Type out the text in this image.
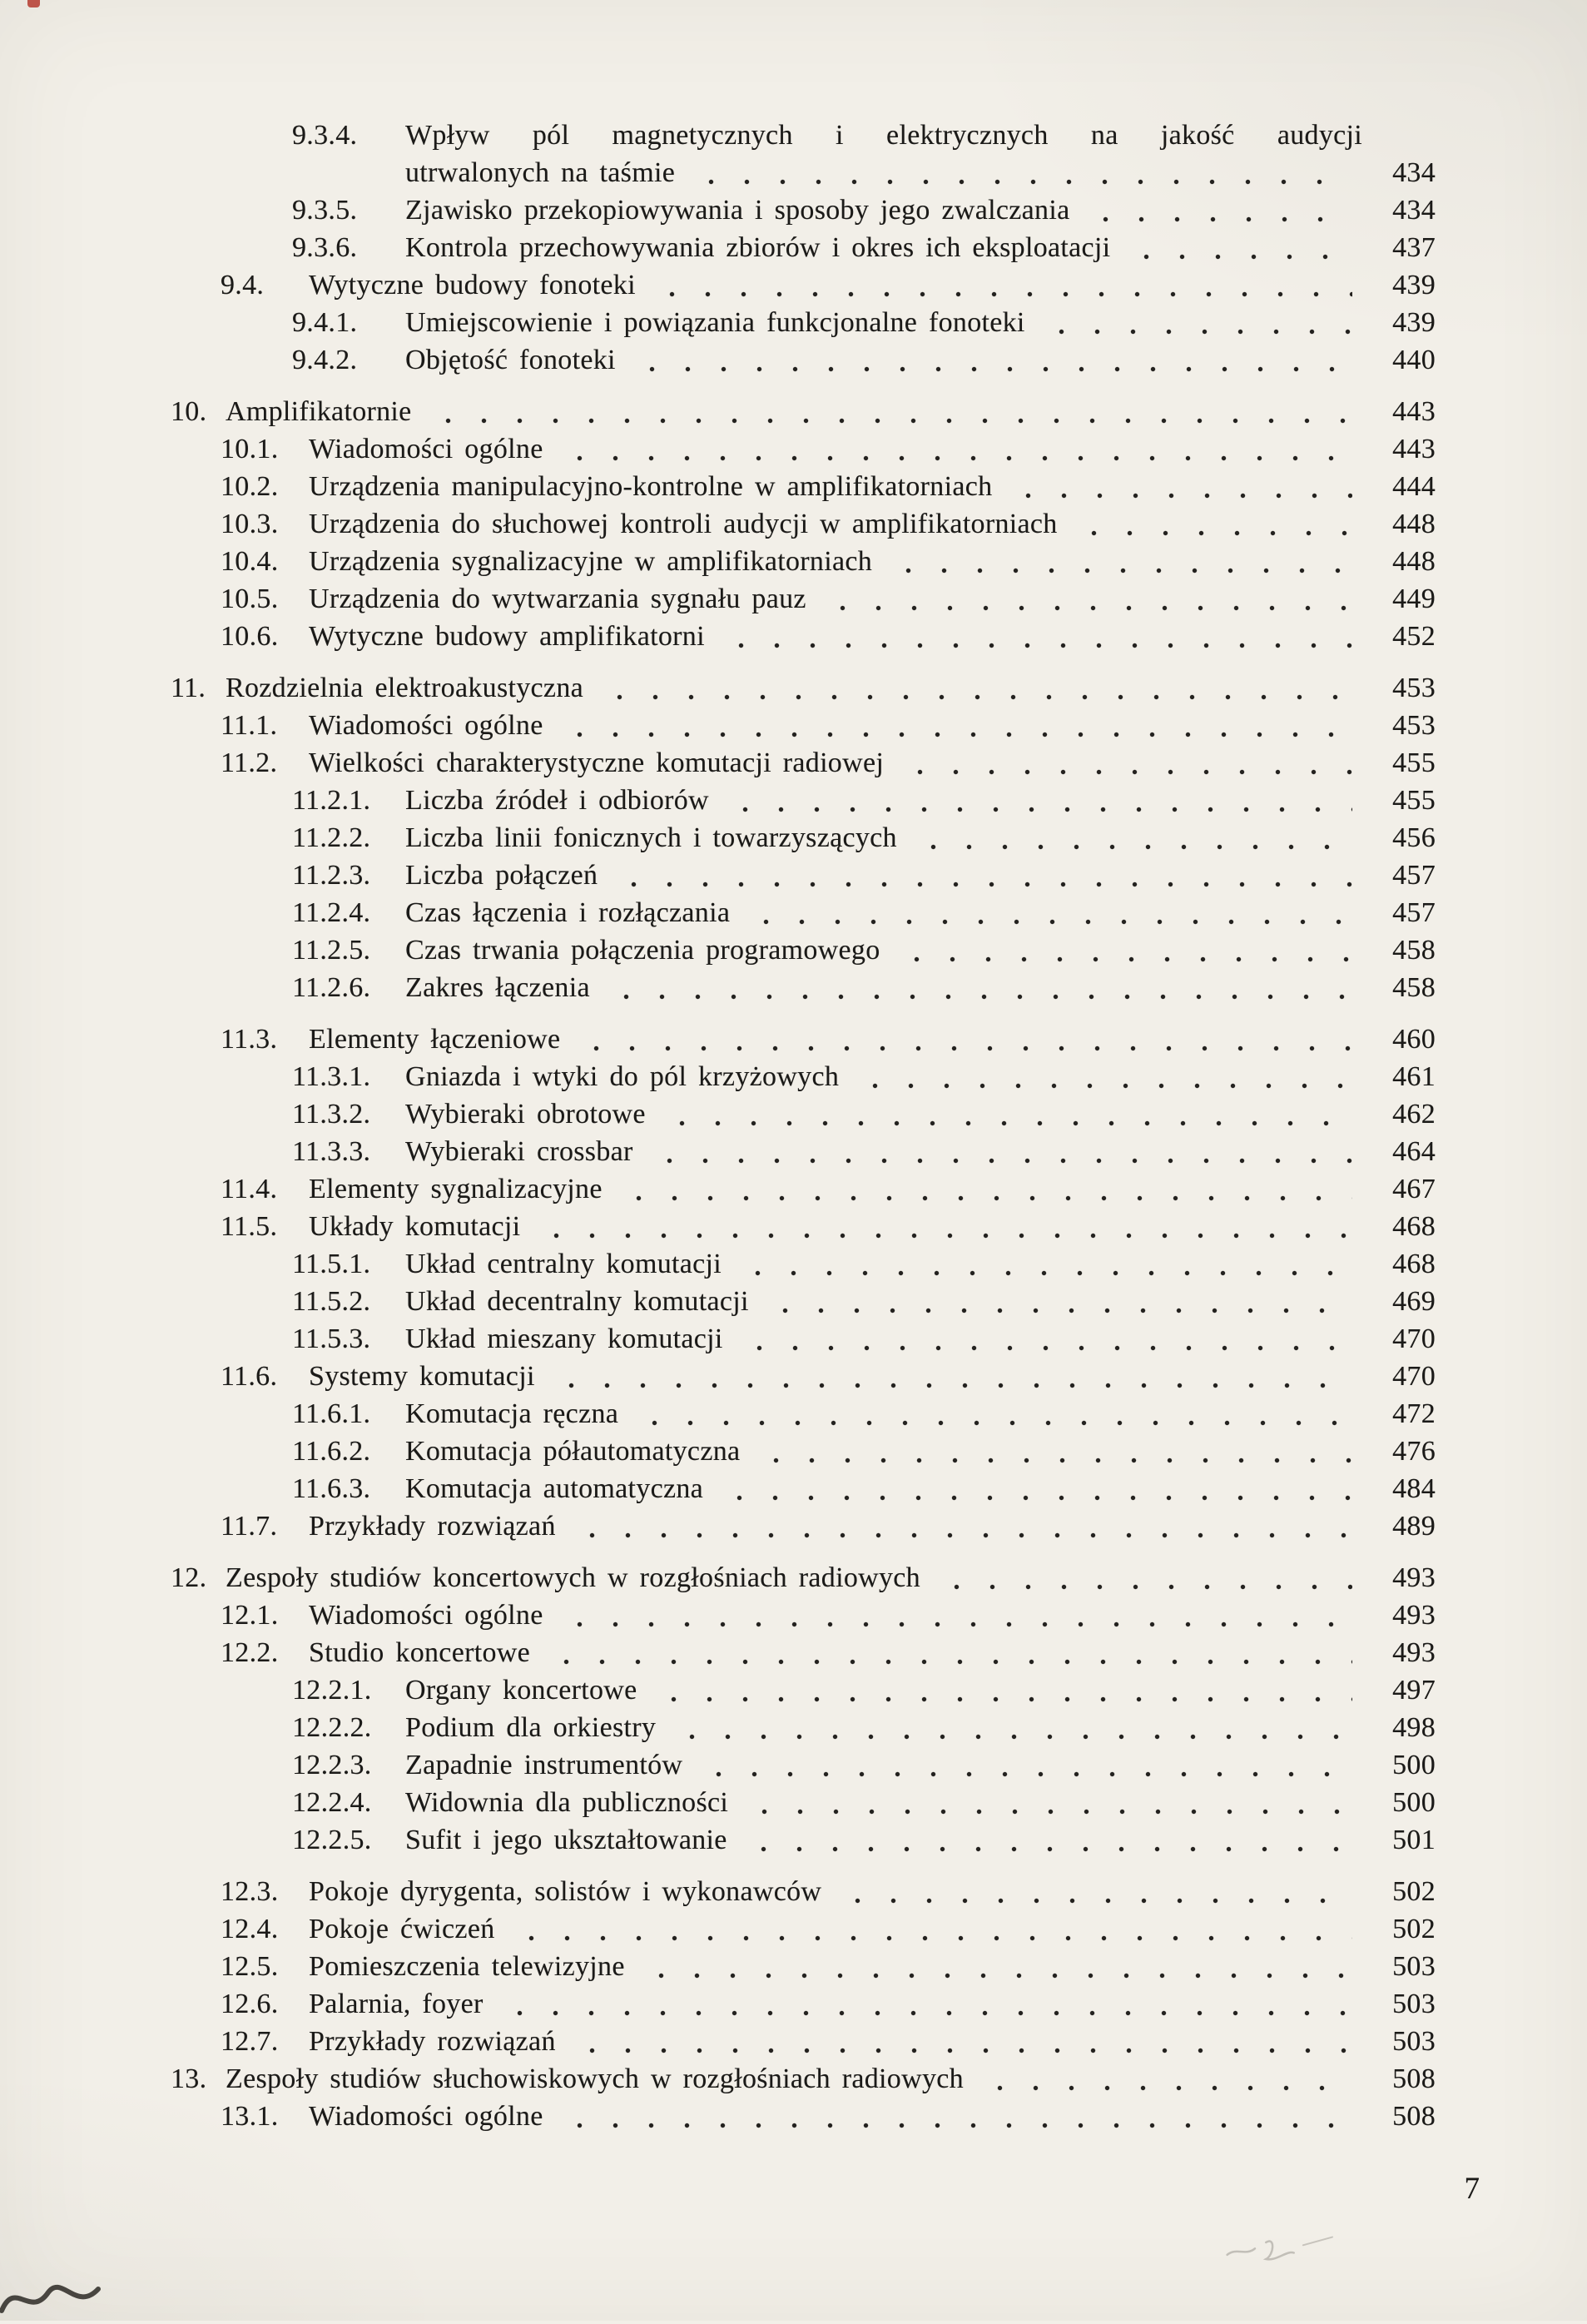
9.3.4.	Wpływ pól magnetycznych i elektrycznych na jakość audycji
utrwalonych na taśmie	434
9.3.5.	Zjawisko przekopiowywania i sposoby jego zwalczania	434
9.3.6.	Kontrola przechowywania zbiorów i okres ich eksploatacji	437
9.4.	Wytyczne budowy fonoteki	439
9.4.1.	Umiejscowienie i powiązania funkcjonalne fonoteki	439
9.4.2.	Objętość fonoteki	440
10. Amplifikatornie	443
10.1.	Wiadomości ogólne	443
10.2.	Urządzenia manipulacyjno-kontrolne w amplifikatorniach	444
10.3.	Urządzenia do słuchowej kontroli audycji w amplifikatorniach	448
10.4.	Urządzenia sygnalizacyjne w amplifikatorniach	448
10.5.	Urządzenia do wytwarzania sygnału pauz	449
10.6.	Wytyczne budowy amplifikatorni	452
11. Rozdzielnia elektroakustyczna	453
11.1.	Wiadomości ogólne	453
11.2.	Wielkości charakterystyczne komutacji radiowej	455
11.2.1.	Liczba źródeł i odbiorów	455
11.2.2.	Liczba linii fonicznych i towarzyszących	456
11.2.3.	Liczba połączeń	457
11.2.4.	Czas łączenia i rozłączania	457
11.2.5.	Czas trwania połączenia programowego	458
11.2.6.	Zakres łączenia	458
11.3.	Elementy łączeniowe	460
11.3.1.	Gniazda i wtyki do pól krzyżowych	461
11.3.2.	Wybieraki obrotowe	462
11.3.3.	Wybieraki crossbar	464
11.4.	Elementy sygnalizacyjne	467
11.5.	Układy komutacji	468
11.5.1.	Układ centralny komutacji	468
11.5.2.	Układ decentralny komutacji	469
11.5.3.	Układ mieszany komutacji	470
11.6.	Systemy komutacji	470
11.6.1.	Komutacja ręczna	472
11.6.2.	Komutacja półautomatyczna	476
11.6.3.	Komutacja automatyczna	484
11.7.	Przykłady rozwiązań	489
12. Zespoły studiów koncertowych w rozgłośniach radiowych	493
12.1.	Wiadomości ogólne	493
12.2.	Studio koncertowe	493
12.2.1.	Organy koncertowe	497
12.2.2.	Podium dla orkiestry	498
12.2.3.	Zapadnie instrumentów	500
12.2.4.	Widownia dla publiczności	500
12.2.5.	Sufit i jego ukształtowanie	501
12.3.	Pokoje dyrygenta, solistów i wykonawców	502
12.4.	Pokoje ćwiczeń	502
12.5.	Pomieszczenia telewizyjne	503
12.6.	Palarnia, foyer	503
12.7.	Przykłady rozwiązań	503
13. Zespoły studiów słuchowiskowych w rozgłośniach radiowych	508
13.1.	Wiadomości ogólne	508
7
